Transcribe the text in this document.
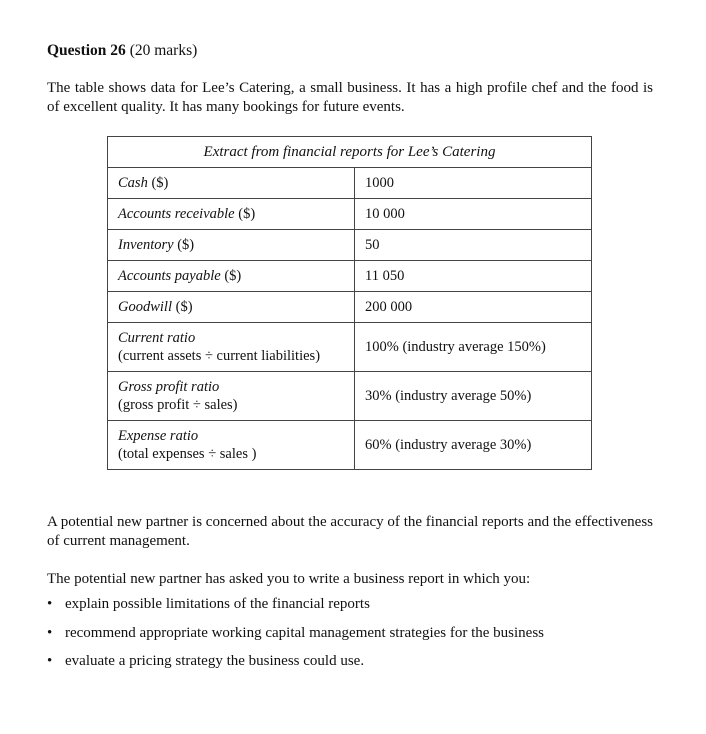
Question 26 (20 marks)
The table shows data for Lee’s Catering, a small business. It has a high profile chef and the food is of excellent quality. It has many bookings for future events.
Extract from financial reports for Lee’s Catering	
Cash ($)	1000
Accounts receivable ($)	10 000
Inventory ($)	50
Accounts payable ($)	11 050
Goodwill ($)	200 000
Current ratio
(current assets ÷ current liabilities)	100% (industry average 150%)
Gross profit ratio
(gross profit ÷ sales)	30% (industry average 50%)
Expense ratio
(total expenses ÷ sales )	60% (industry average 30%)
A potential new partner is concerned about the accuracy of the financial reports and the effectiveness of current management.
The potential new partner has asked you to write a business report in which you:
• explain possible limitations of the financial reports
• recommend appropriate working capital management strategies for the business
• evaluate a pricing strategy the business could use.
